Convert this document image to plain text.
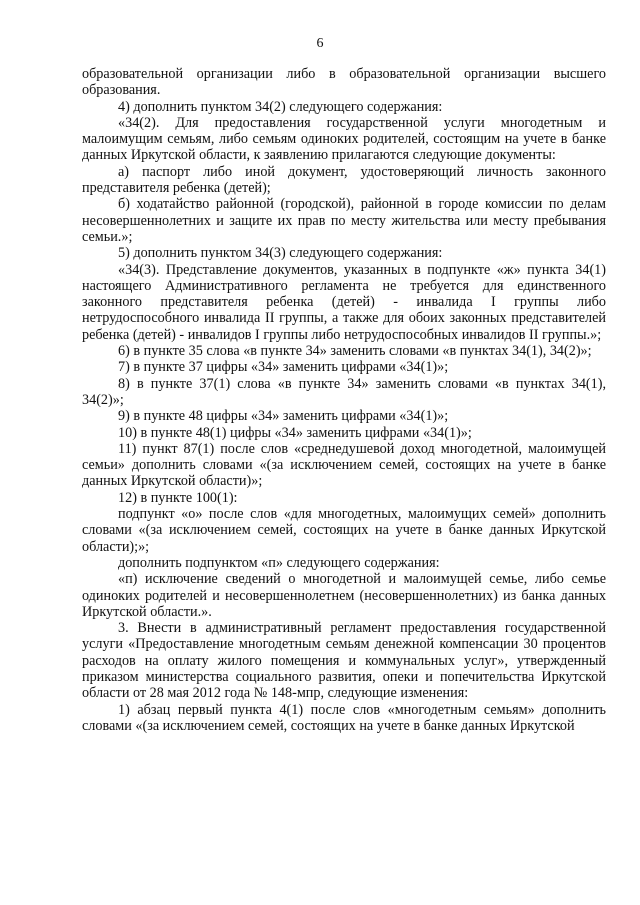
6

образовательной организации либо в образовательной организации высшего образования.

4) дополнить пунктом 34(2) следующего содержания:

«34(2). Для предоставления государственной услуги многодетным и малоимущим семьям, либо семьям одиноких родителей, состоящим на учете в банке данных Иркутской области, к заявлению прилагаются следующие документы:

а) паспорт либо иной документ, удостоверяющий личность законного представителя ребенка (детей);

б) ходатайство районной (городской), районной в городе комиссии по делам несовершеннолетних и защите их прав по месту жительства или месту пребывания семьи.»;

5) дополнить пунктом 34(3) следующего содержания:

«34(3). Представление документов, указанных в подпункте «ж» пункта 34(1) настоящего Административного регламента не требуется для единственного законного представителя ребенка (детей) - инвалида I группы либо нетрудоспособного инвалида II группы, а также для обоих законных представителей ребенка (детей) - инвалидов I группы либо нетрудоспособных инвалидов II группы.»;

6) в пункте 35 слова «в пункте 34» заменить словами «в пунктах 34(1), 34(2)»;

7) в пункте 37 цифры «34» заменить цифрами «34(1)»;

8) в пункте 37(1) слова «в пункте 34» заменить словами «в пунктах 34(1), 34(2)»;

9) в пункте 48 цифры «34» заменить цифрами «34(1)»;

10) в пункте 48(1) цифры «34» заменить цифрами «34(1)»;

11) пункт 87(1) после слов «среднедушевой доход многодетной, малоимущей семьи» дополнить словами «(за исключением семей, состоящих на учете в банке данных Иркутской области)»;

12) в пункте 100(1):

подпункт «о» после слов «для многодетных, малоимущих семей» дополнить словами «(за исключением семей, состоящих на учете в банке данных Иркутской области);»;

дополнить подпунктом «п» следующего содержания:

«п) исключение сведений о многодетной и малоимущей семье, либо семье одиноких родителей и несовершеннолетнем (несовершеннолетних) из банка данных Иркутской области.».

3. Внести в административный регламент предоставления государственной услуги «Предоставление многодетным семьям денежной компенсации 30 процентов расходов на оплату жилого помещения и коммунальных услуг», утвержденный приказом министерства социального развития, опеки и попечительства Иркутской области от 28 мая 2012 года № 148-мпр, следующие изменения:

1) абзац первый пункта 4(1) после слов «многодетным семьям» дополнить словами «(за исключением семей, состоящих на учете в банке данных Иркутской
